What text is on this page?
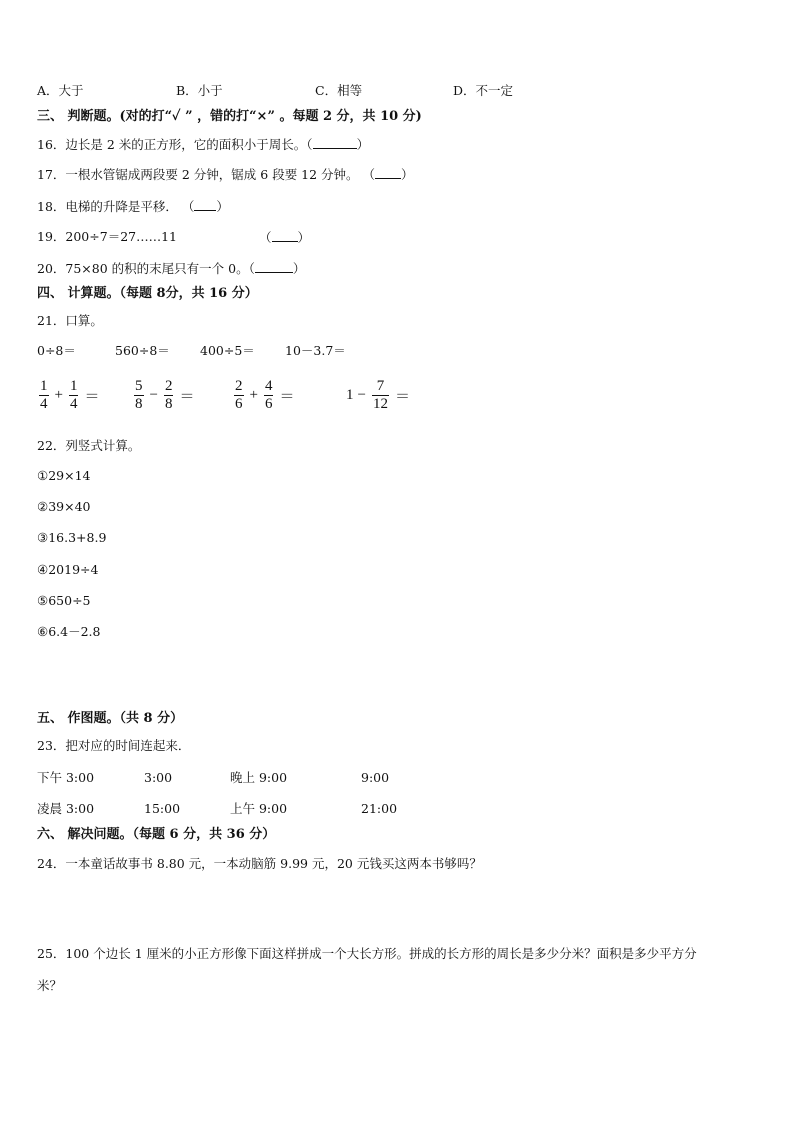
A．大于	B．小于	C．相等	D．不一定
三、 判断题。(对的打“✓ ” ，错的打“×” 。每题 2 分，共 10 分)
16．边长是 2 米的正方形，它的面积小于周长。（	）
17．一根水管锯成两段要 2 分钟，锯成 6 段要 12 分钟。 （ ）
18．电梯的升降是平移． （ ）
19．200÷7＝27……11	（ ）
20．75×80 的积的末尾只有一个 0。（	）
四、 计算题。（每题 8分，共 16 分）
21．口算。
0÷8＝	560÷8＝ 400÷5＝ 10－3.7＝
1
4
+ $\frac{1}{4}$ ＝
5
8
− $\frac{2}{8}$ ＝
2
6
+ $\frac{4}{6}$ ＝	$1 - \frac{7}{12}$ ＝
22．列竖式计算。
①29×14
②39×40
③16.3+8.9
④2019÷4
⑤650÷5
⑥6.4－2.8
五、 作图题。（共 8 分）
23．把对应的时间连起来．
下午 3:00	3:00	晚上 9:00	9:00
凌晨 3:00	15:00	上午 9:00	21:00
六、 解决问题。（每题 6 分，共 36 分）
24．一本童话故事书 8.80 元，一本动脑筋 9.99 元，20 元钱买这两本书够吗？
25．100 个边长 1 厘米的小正方形像下面这样拼成一个大长方形。拼成的长方形的周长是多少分米？面积是多少平方分
米？
